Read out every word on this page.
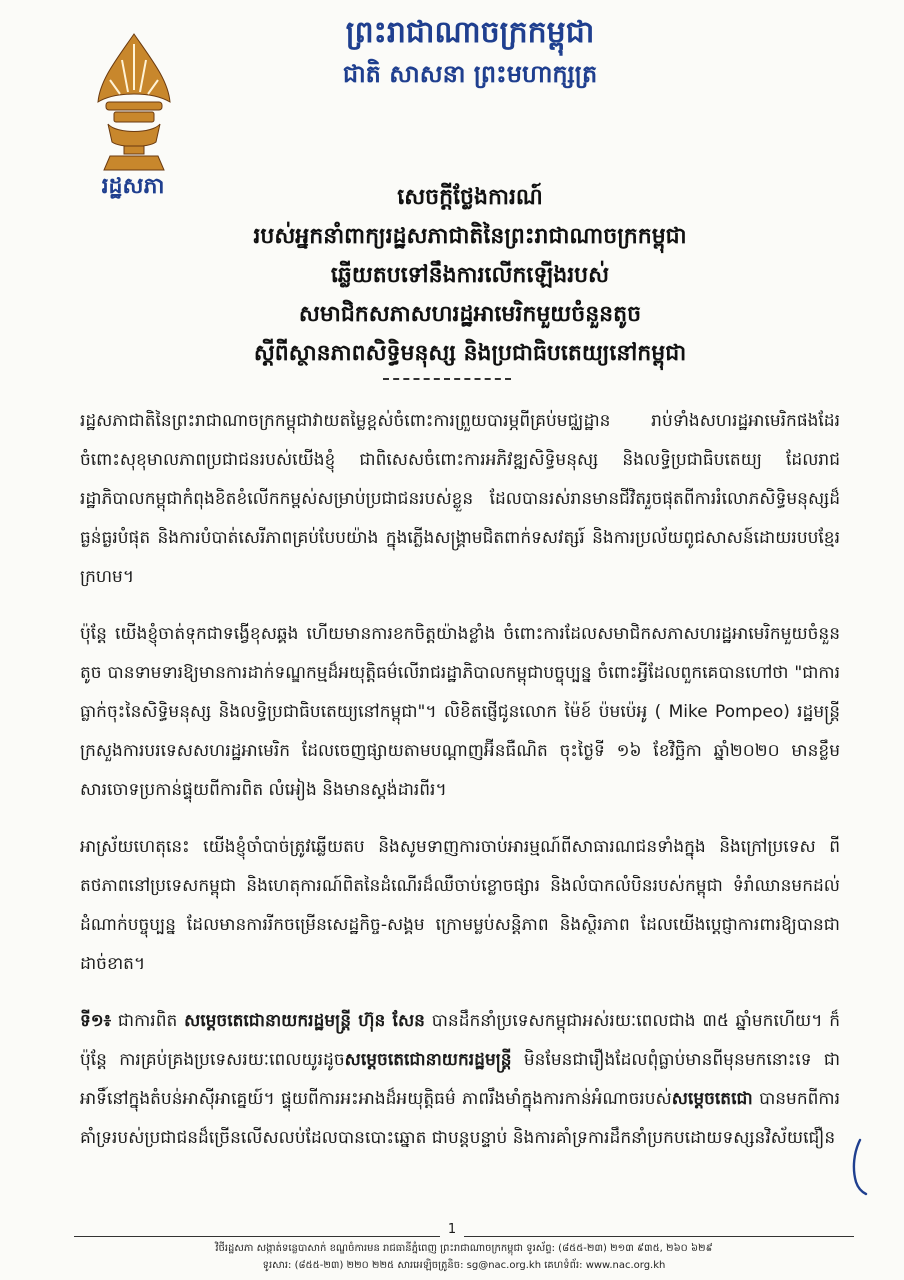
រដ្ឋសភា
ព្រះរាជាណាចក្រកម្ពុជា
ជាតិ សាសនា ព្រះមហាក្សត្រ
សេចក្ដីថ្លែងការណ៍
របស់អ្នកនាំពាក្យរដ្ឋសភាជាតិនៃព្រះរាជាណាចក្រកម្ពុជា
ឆ្លើយតបទៅនឹងការលើកឡើងរបស់
សមាជិកសភាសហរដ្ឋអាមេរិកមួយចំនួនតូច
ស្ដីពីស្ថានភាពសិទ្ធិមនុស្ស និងប្រជាធិបតេយ្យនៅកម្ពុជា

រដ្ឋសភាជាតិនៃព្រះរាជាណាចក្រកម្ពុជាវាយតម្លៃខ្ពស់ចំពោះការព្រួយបារម្ភពីគ្រប់មជ្ឈដ្ឋាន រាប់ទាំងសហរដ្ឋអាមេរិកផងដែរ ចំពោះសុខុមាលភាពប្រជាជនរបស់យើងខ្ញុំ ជាពិសេសចំពោះការអភិវឌ្ឍសិទ្ធិមនុស្ស និងលទ្ធិប្រជាធិបតេយ្យ ដែលរាជរដ្ឋាភិបាលកម្ពុជាកំពុងខិតខំលើកកម្ពស់សម្រាប់ប្រជាជនរបស់ខ្លួន ដែលបានរស់រានមានជីវិតរួចផុតពីការរំលោភសិទ្ធិមនុស្សដ៏ធ្ងន់ធ្ងរបំផុត និងការបំបាត់សេរីភាពគ្រប់បែបយ៉ាង ក្នុងភ្លើងសង្គ្រាមជិតពាក់ទសវត្សរ៍ និងការប្រល័យពូជសាសន៍ដោយរបបខ្មែរក្រហម។

ប៉ុន្តែ យើងខ្ញុំចាត់ទុកជាទង្វើខុសឆ្គង ហើយមានការខកចិត្តយ៉ាងខ្លាំង ចំពោះការដែលសមាជិកសភាសហរដ្ឋអាមេរិកមួយចំនួនតូច បានទាមទារឱ្យមានការដាក់ទណ្ឌកម្មដ៏អយុត្តិធម៌លើរាជរដ្ឋាភិបាលកម្ពុជាបច្ចុប្បន្ន ចំពោះអ្វីដែលពួកគេបានហៅថា "ជាការធ្លាក់ចុះនៃសិទ្ធិមនុស្ស និងលទ្ធិប្រជាធិបតេយ្យនៅកម្ពុជា"។ លិខិតផ្ញើជូនលោក ម៉ៃខ៍ ប៉មប៉េអូ ( Mike Pompeo) រដ្ឋមន្ត្រីក្រសួងការបរទេសសហរដ្ឋអាមេរិក ដែលចេញផ្សាយតាមបណ្ដាញអ៊ីនធឺណិត ចុះថ្ងៃទី ១៦ ខែវិច្ឆិកា ឆ្នាំ២០២០ មានខ្លឹមសារចោទប្រកាន់ផ្ទុយពីការពិត លំអៀង និងមានស្តង់ដារពីរ។

អាស្រ័យហេតុនេះ យើងខ្ញុំចាំបាច់ត្រូវឆ្លើយតប និងសូមទាញការចាប់អារម្មណ៍ពីសាធារណជនទាំងក្នុង និងក្រៅប្រទេស ពីតថភាពនៅប្រទេសកម្ពុជា និងហេតុការណ៍ពិតនៃដំណើរដ៏ឈឺចាប់ខ្លោចផ្សារ និងលំបាកលំបិនរបស់កម្ពុជា ទំរាំឈានមកដល់ដំណាក់បច្ចុប្បន្ន ដែលមានការរីកចម្រើនសេដ្ឋកិច្ច-សង្គម ក្រោមម្លប់សន្តិភាព និងស្ថិរភាព ដែលយើងប្ដេជ្ញាការពារឱ្យបានជាដាច់ខាត។

ទី១៖ ជាការពិត សម្ដេចតេជោនាយករដ្ឋមន្ត្រី ហ៊ុន សែន បានដឹកនាំប្រទេសកម្ពុជាអស់រយៈពេលជាង ៣៥ ឆ្នាំមកហើយ។ ក៏ប៉ុន្តែ ការគ្រប់គ្រងប្រទេសរយៈពេលយូរដូចសម្ដេចតេជោនាយករដ្ឋមន្ត្រី មិនមែនជារឿងដែលពុំធ្លាប់មានពីមុនមកនោះទេ ជាអាទិ៍នៅក្នុងតំបន់អាស៊ីអាគ្នេយ៍។ ផ្ទុយពីការអះអាងដ៏អយុត្តិធម៌ ភាពរឹងមាំក្នុងការកាន់អំណាចរបស់សម្ដេចតេជោ បានមកពីការគាំទ្ររបស់ប្រជាជនដ៏ច្រើនលើសលប់ដែលបានបោះឆ្នោត ជាបន្តបន្ទាប់ និងការគាំទ្រការដឹកនាំប្រកបដោយទស្សនវិស័យជឿន

1
វិថីរដ្ឋសភា សង្កាត់ទន្លេបាសាក់ ខណ្ឌចំការមន រាជធានីភ្នំពេញ ព្រះរាជាណាចក្រកម្ពុជា ទូរស័ព្ទ: (៨៥៥-២៣) ២១៣ ៩៣៥, ២៦០ ៦២៩
ទូរសារ: (៨៥៥-២៣) ២២០ ២២៥ សារអេឡិចត្រូនិច: sg@nac.org.kh គេហទំព័រ: www.nac.org.kh
